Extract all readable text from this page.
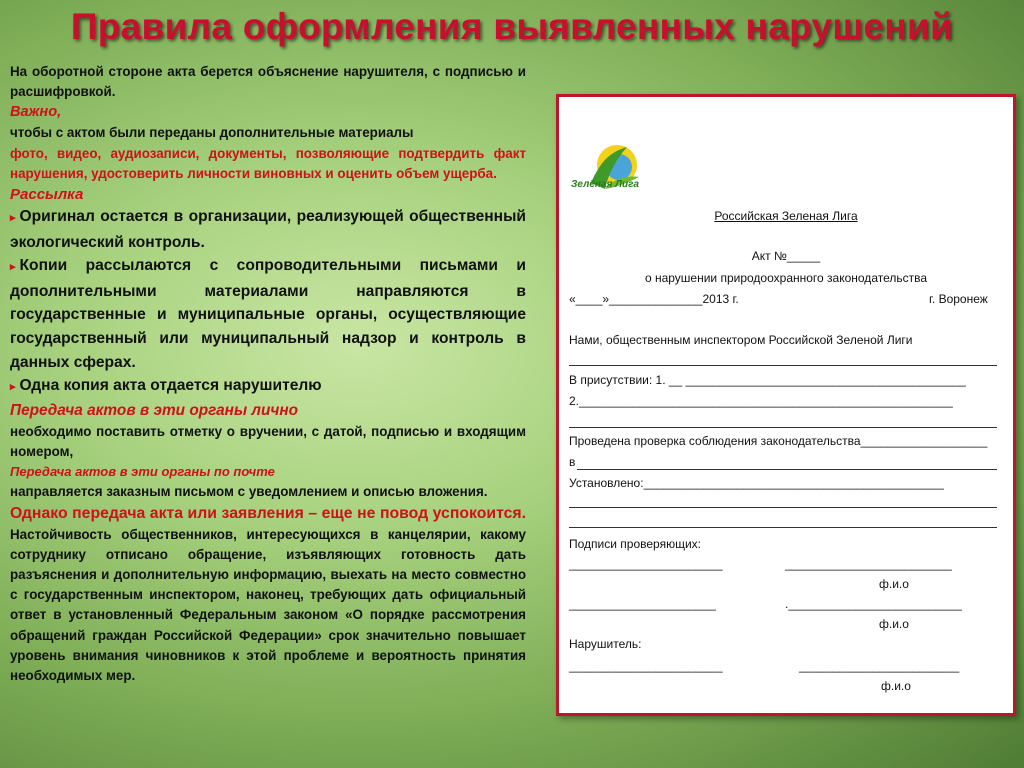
Правила оформления выявленных нарушений

На оборотной стороне акта берется объяснение нарушителя, с подписью и расшифровкой.

Важно,

чтобы с актом были переданы дополнительные материалы

фото, видео, аудиозаписи, документы, позволяющие подтвердить факт нарушения, удостоверить личности виновных и оценить объем ущерба.

Рассылка

▸ Оригинал остается в организации, реализующей общественный экологический контроль.

▸ Копии рассылаются с сопроводительными письмами и дополнительными материалами направляются в государственные и муниципальные органы, осуществляющие государственный или муниципальный надзор и контроль в данных сферах.

▸ Одна копия акта отдается нарушителю

Передача актов в эти органы лично

необходимо поставить отметку о вручении, с датой, подписью и входящим номером,

Передача актов в эти органы по почте

направляется заказным письмом с уведомлением и описью вложения.

Однако передача акта или заявления – еще не повод успокоится. Настойчивость общественников, интересующихся в канцелярии, какому сотруднику отписано обращение, изъявляющих готовность дать разъяснения и дополнительную информацию, выехать на место совместно с государственным инспектором, наконец, требующих дать официальный ответ в установленный Федеральным законом «О порядке рассмотрения обращений граждан Российской Федерации» срок значительно повышает уровень внимания чиновников к этой проблеме и вероятность принятия необходимых мер.

Зелёная Лига
Российская Зеленая Лига
Акт №_____
о нарушении природоохранного законодательства
«____»______________2013 г.	г. Воронеж
Нами, общественным инспектором Российской Зеленой Лиги
В присутствии: 1. __ __________________________________________
2.________________________________________________________
Проведена проверка соблюдения законодательства___________________
в
Установлено:_____________________________________________
Подписи проверяющих:
_______________________	_________________________
ф.и.о
______________________	.__________________________
ф.и.о
Нарушитель:
_______________________	________________________
ф.и.о
